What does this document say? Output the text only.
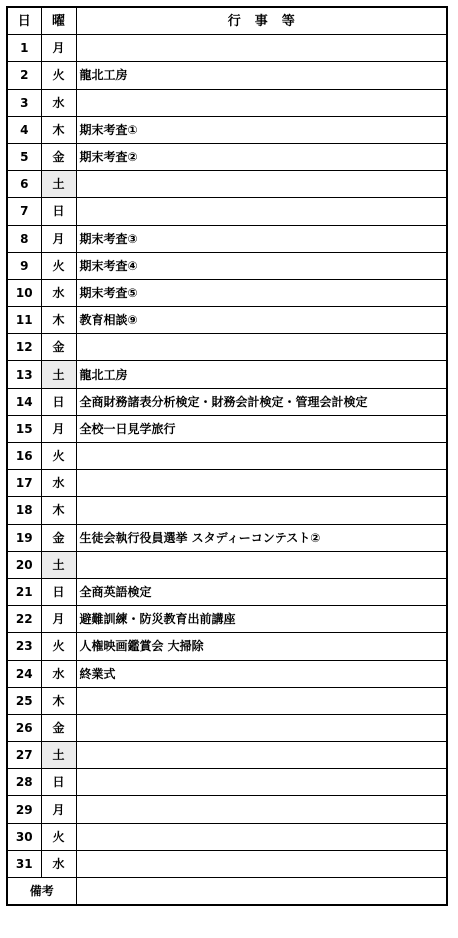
日	曜	行事等
1	月	
2	火	龍北工房
3	水	
4	木	期末考査①
5	金	期末考査②
6	土	
7	日	
8	月	期末考査③
9	火	期末考査④
10	水	期末考査⑤
11	木	教育相談⑨
12	金	
13	土	龍北工房
14	日	全商財務諸表分析検定・財務会計検定・管理会計検定
15	月	全校一日見学旅行
16	火	
17	水	
18	木	
19	金	生徒会執行役員選挙 スタディーコンテスト②
20	土	
21	日	全商英語検定
22	月	避難訓練・防災教育出前講座
23	火	人権映画鑑賞会 大掃除
24	水	終業式
25	木	
26	金	
27	土	
28	日	
29	月	
30	火	
31	水	
備考		
